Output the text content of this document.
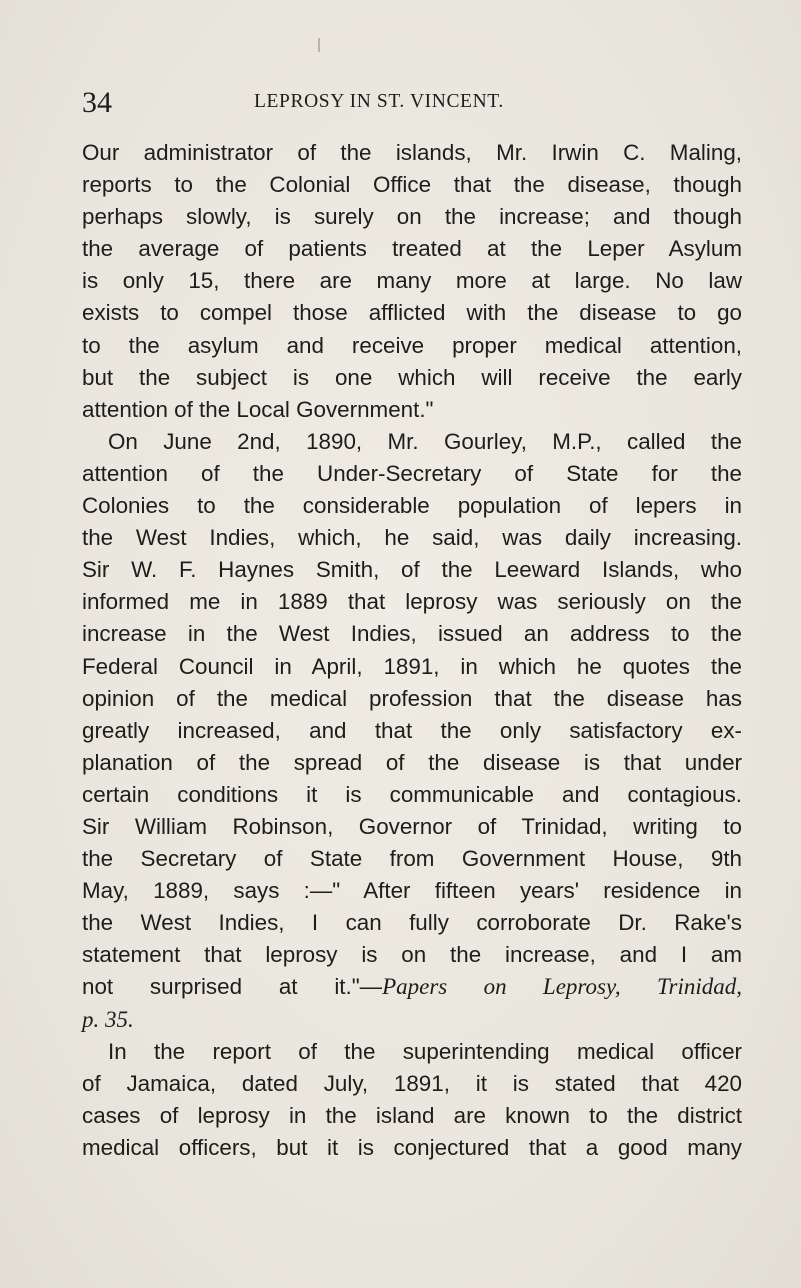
34	LEPROSY IN ST. VINCENT.
Our administrator of the islands, Mr. Irwin C. Maling,
reports to the Colonial Office that the disease, though
perhaps slowly, is surely on the increase; and though
the average of patients treated at the Leper Asylum
is only 15, there are many more at large. No law
exists to compel those afflicted with the disease to go
to the asylum and receive proper medical attention,
but the subject is one which will receive the early
attention of the Local Government."
On June 2nd, 1890, Mr. Gourley, M.P., called the
attention of the Under-Secretary of State for the
Colonies to the considerable population of lepers in
the West Indies, which, he said, was daily increasing.
Sir W. F. Haynes Smith, of the Leeward Islands, who
informed me in 1889 that leprosy was seriously on the
increase in the West Indies, issued an address to the
Federal Council in April, 1891, in which he quotes the
opinion of the medical profession that the disease has
greatly increased, and that the only satisfactory ex-
planation of the spread of the disease is that under
certain conditions it is communicable and contagious.
Sir William Robinson, Governor of Trinidad, writing to
the Secretary of State from Government House, 9th
May, 1889, says :—" After fifteen years' residence in
the West Indies, I can fully corroborate Dr. Rake's
statement that leprosy is on the increase, and I am
not surprised at it."—Papers on Leprosy, Trinidad,
p. 35.
In the report of the superintending medical officer
of Jamaica, dated July, 1891, it is stated that 420
cases of leprosy in the island are known to the district
medical officers, but it is conjectured that a good many
